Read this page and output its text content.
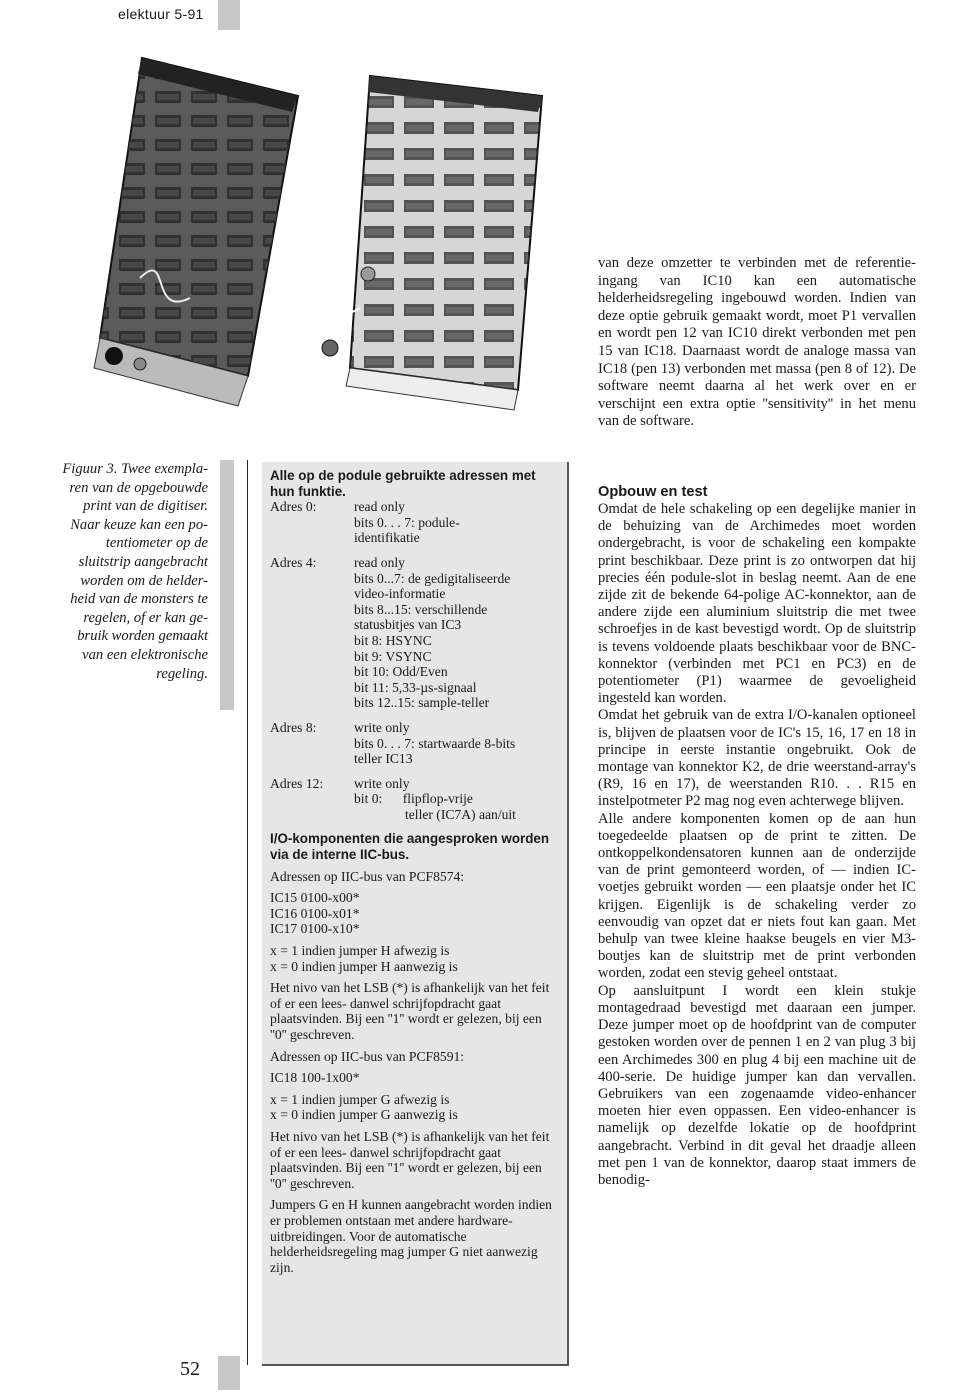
elektuur 5-91

van deze omzetter te verbinden met de referentie-ingang van IC10 kan een automatische helderheidsregeling ingebouwd worden. Indien van deze optie gebruik gemaakt wordt, moet P1 vervallen en wordt pen 12 van IC10 direkt verbonden met pen 15 van IC18. Daarnaast wordt de analoge massa van IC18 (pen 13) verbonden met massa (pen 8 of 12). De software neemt daarna al het werk over en er verschijnt een extra optie ''sensitivity'' in het menu van de software.

Figuur 3. Twee exempla-
ren van de opgebouwde
print van de digitiser.
Naar keuze kan een po-
tentiometer op de
sluitstrip aangebracht
worden om de helder-
heid van de monsters te
regelen, of er kan ge-
bruik worden gemaakt
van een elektronische
regeling.
Alle op de podule gebruikte adressen met hun funktie.
Adres 0:	read only
bits 0. . . 7: podule-
identifikatie
Adres 4:	read only
bits 0...7: de gedigitaliseerde
video-informatie
bits 8...15: verschillende
statusbitjes van IC3
bit 8: HSYNC
bit 9: VSYNC
bit 10: Odd/Even
bit 11: 5,33-µs-signaal
bits 12..15: sample-teller
Adres 8:	write only
bits 0. . . 7: startwaarde 8-bits
teller IC13
Adres 12:	write only
bit 0:      flipflop-vrije
teller (IC7A) aan/uit
I/O-komponenten die aangesproken worden via de interne IIC-bus.
Adressen op IIC-bus van PCF8574:
IC15 0100-x00*
IC16 0100-x01*
IC17 0100-x10*
x = 1 indien jumper H afwezig is
x = 0 indien jumper H aanwezig is
Het nivo van het LSB (*) is afhankelijk van het feit of er een lees- danwel schrijfopdracht gaat plaatsvinden. Bij een ''1'' wordt er gelezen, bij een ''0'' geschreven.
Adressen op IIC-bus van PCF8591:
IC18 100-1x00*
x = 1 indien jumper G afwezig is
x = 0 indien jumper G aanwezig is
Het nivo van het LSB (*) is afhankelijk van het feit of er een lees- danwel schrijfopdracht gaat plaatsvinden. Bij een ''1'' wordt er gelezen, bij een ''0'' geschreven.
Jumpers G en H kunnen aangebracht worden indien er problemen ontstaan met andere hardware-uitbreidingen. Voor de automatische helderheidsregeling mag jumper G niet aanwezig zijn.
Opbouw en test

Omdat de hele schakeling op een degelijke manier in de behuizing van de Archimedes moet worden ondergebracht, is voor de schakeling een kompakte print beschikbaar. Deze print is zo ontworpen dat hij precies één podule-slot in beslag neemt. Aan de ene zijde zit de bekende 64-polige AC-konnektor, aan de andere zijde een aluminium sluitstrip die met twee schroefjes in de kast bevestigd wordt. Op de sluitstrip is tevens voldoende plaats beschikbaar voor de BNC-konnektor (verbinden met PC1 en PC3) en de potentiometer (P1) waarmee de gevoeligheid ingesteld kan worden.

Omdat het gebruik van de extra I/O-kanalen optioneel is, blijven de plaatsen voor de IC's 15, 16, 17 en 18 in principe in eerste instantie ongebruikt. Ook de montage van konnektor K2, de drie weerstand-array's (R9, 16 en 17), de weerstanden R10. . . R15 en instelpotmeter P2 mag nog even achterwege blijven.

Alle andere komponenten komen op de aan hun toegedeelde plaatsen op de print te zitten. De ontkoppelkondensatoren kunnen aan de onderzijde van de print gemonteerd worden, of — indien IC-voetjes gebruikt worden — een plaatsje onder het IC krijgen. Eigenlijk is de schakeling verder zo eenvoudig van opzet dat er niets fout kan gaan. Met behulp van twee kleine haakse beugels en vier M3-boutjes kan de sluitstrip met de print verbonden worden, zodat een stevig geheel ontstaat.

Op aansluitpunt I wordt een klein stukje montagedraad bevestigd met daaraan een jumper. Deze jumper moet op de hoofdprint van de computer gestoken worden over de pennen 1 en 2 van plug 3 bij een Archimedes 300 en plug 4 bij een machine uit de 400-serie. De huidige jumper kan dan vervallen. Gebruikers van een zogenaamde video-enhancer moeten hier even oppassen. Een video-enhancer is namelijk op dezelfde lokatie op de hoofdprint aangebracht. Verbind in dit geval het draadje alleen met pen 1 van de konnektor, daarop staat immers de benodig-

52
